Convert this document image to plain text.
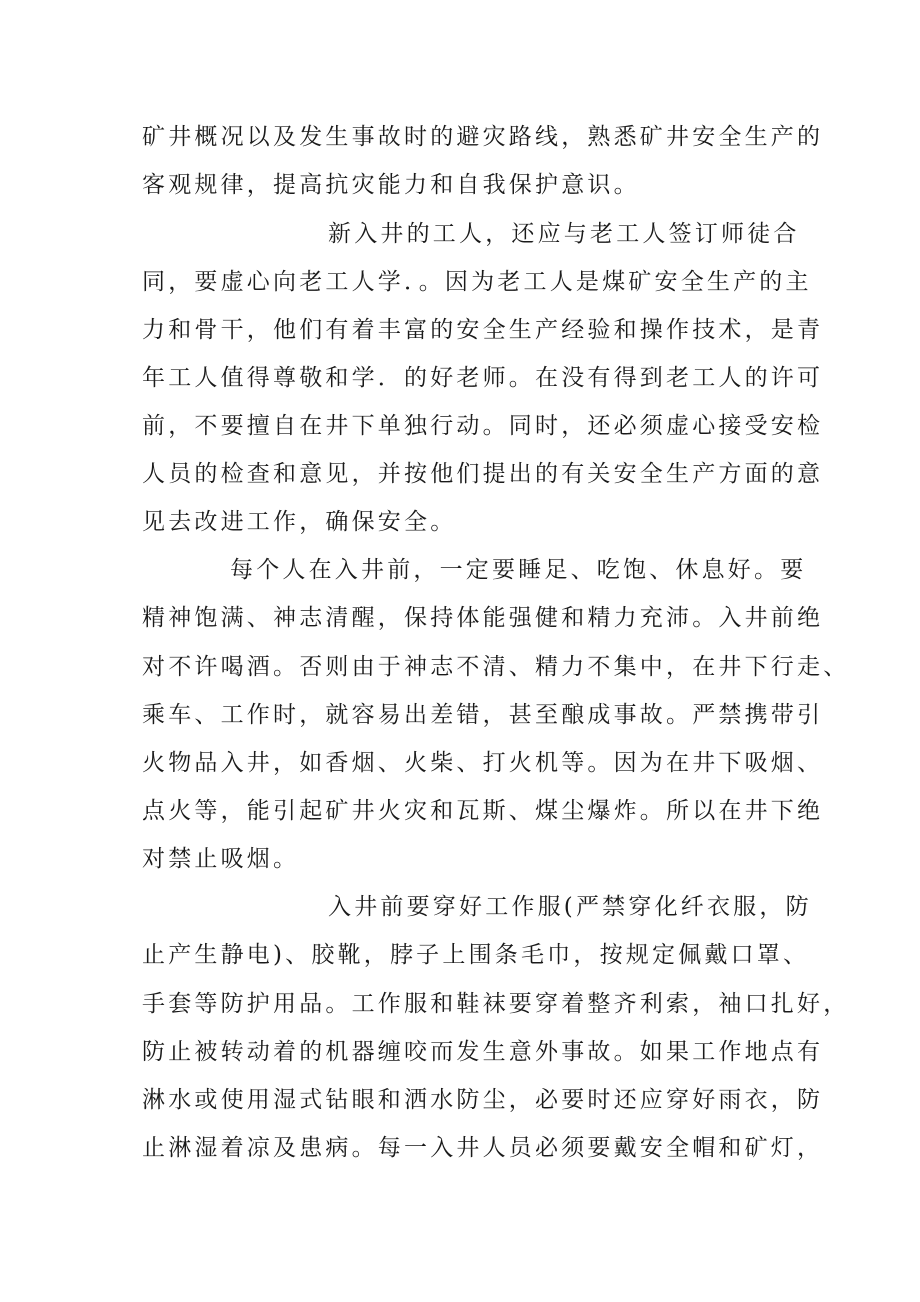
矿井概况以及发生事故时的避灾路线，熟悉矿井安全生产的

客观规律，提高抗灾能力和自我保护意识。

新入井的工人，还应与老工人签订师徒合

同，要虚心向老工人学．。因为老工人是煤矿安全生产的主

力和骨干，他们有着丰富的安全生产经验和操作技术，是青

年工人值得尊敬和学．的好老师。在没有得到老工人的许可

前，不要擅自在井下单独行动。同时，还必须虚心接受安检

人员的检查和意见，并按他们提出的有关安全生产方面的意

见去改进工作，确保安全。

每个人在入井前，一定要睡足、吃饱、休息好。要

精神饱满、神志清醒，保持体能强健和精力充沛。入井前绝

对不许喝酒。否则由于神志不清、精力不集中，在井下行走、

乘车、工作时，就容易出差错，甚至酿成事故。严禁携带引

火物品入井，如香烟、火柴、打火机等。因为在井下吸烟、

点火等，能引起矿井火灾和瓦斯、煤尘爆炸。所以在井下绝

对禁止吸烟。

入井前要穿好工作服(严禁穿化纤衣服，防

止产生静电)、胶靴，脖子上围条毛巾，按规定佩戴口罩、

手套等防护用品。工作服和鞋袜要穿着整齐利索，袖口扎好，

防止被转动着的机器缠咬而发生意外事故。如果工作地点有

淋水或使用湿式钻眼和洒水防尘，必要时还应穿好雨衣，防

止淋湿着凉及患病。每一入井人员必须要戴安全帽和矿灯，
